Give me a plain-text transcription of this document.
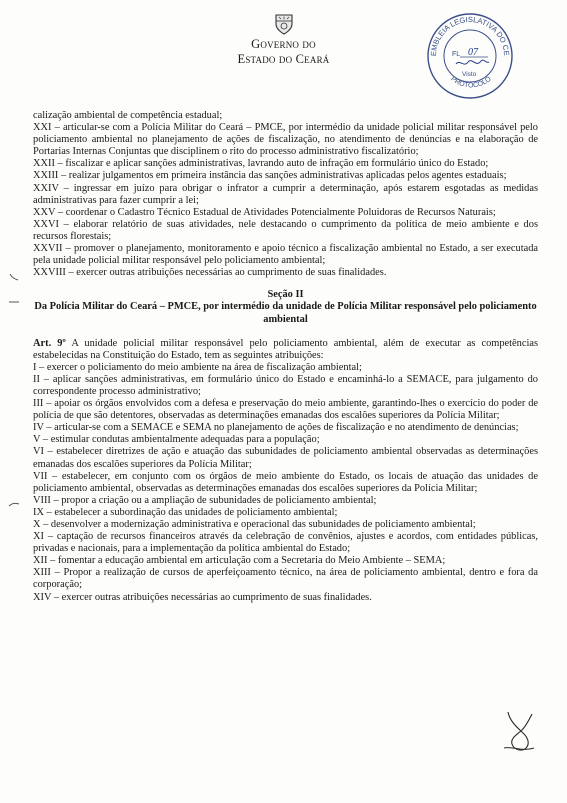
Governo do
Estado do Ceará	EMBLEIA LEGISLATIVA DO CE
PROTOCOLO
FL 07
Visto

calização ambiental de competência estadual;

XXI – articular-se com a Polícia Militar do Ceará – PMCE, por intermédio da unidade policial militar responsável pelo policiamento ambiental no planejamento de ações de fiscalização, no atendimento de denúncias e na elaboração de Portarias Internas Conjuntas que disciplinem o rito do processo administrativo fiscalizatório;

XXII – fiscalizar e aplicar sanções administrativas, lavrando auto de infração em formulário único do Estado;

XXIII – realizar julgamentos em primeira instância das sanções administrativas aplicadas pelos agentes estaduais;

XXIV – ingressar em juízo para obrigar o infrator a cumprir a determinação, após estarem esgotadas as medidas administrativas para fazer cumprir a lei;

XXV – coordenar o Cadastro Técnico Estadual de Atividades Potencialmente Poluidoras de Recursos Naturais;

XXVI – elaborar relatório de suas atividades, nele destacando o cumprimento da política de meio ambiente e dos recursos florestais;

XXVII – promover o planejamento, monitoramento e apoio técnico a fiscalização ambiental no Estado, a ser executada pela unidade policial militar responsável pelo policiamento ambiental;

XXVIII – exercer outras atribuições necessárias ao cumprimento de suas finalidades.

Seção II

Da Polícia Militar do Ceará – PMCE, por intermédio da unidade de Polícia Militar responsável pelo policiamento ambiental

Art. 9º A unidade policial militar responsável pelo policiamento ambiental, além de executar as competências estabelecidas na Constituição do Estado, tem as seguintes atribuições:

I – exercer o policiamento do meio ambiente na área de fiscalização ambiental;

II – aplicar sanções administrativas, em formulário único do Estado e encaminhá-lo a SEMACE, para julgamento do correspondente processo administrativo;

III – apoiar os órgãos envolvidos com a defesa e preservação do meio ambiente, garantindo-lhes o exercício do poder de polícia de que são detentores, observadas as determinações emanadas dos escalões superiores da Polícia Militar;

IV – articular-se com a SEMACE e SEMA no planejamento de ações de fiscalização e no atendimento de denúncias;

V – estimular condutas ambientalmente adequadas para a população;

VI – estabelecer diretrizes de ação e atuação das subunidades de policiamento ambiental observadas as determinações emanadas dos escalões superiores da Polícia Militar;

VII – estabelecer, em conjunto com os órgãos de meio ambiente do Estado, os locais de atuação das unidades de policiamento ambiental, observadas as determinações emanadas dos escalões superiores da Polícia Militar;

VIII – propor a criação ou a ampliação de subunidades de policiamento ambiental;

IX – estabelecer a subordinação das unidades de policiamento ambiental;

X – desenvolver a modernização administrativa e operacional das subunidades de policiamento ambiental;

XI – captação de recursos financeiros através da celebração de convênios, ajustes e acordos, com entidades públicas, privadas e nacionais, para a implementação da política ambiental do Estado;

XII – fomentar a educação ambiental em articulação com a Secretaria do Meio Ambiente – SEMA;

XIII – Propor a realização de cursos de aperfeiçoamento técnico, na área de policiamento ambiental, dentro e fora da corporação;

XIV – exercer outras atribuições necessárias ao cumprimento de suas finalidades.
